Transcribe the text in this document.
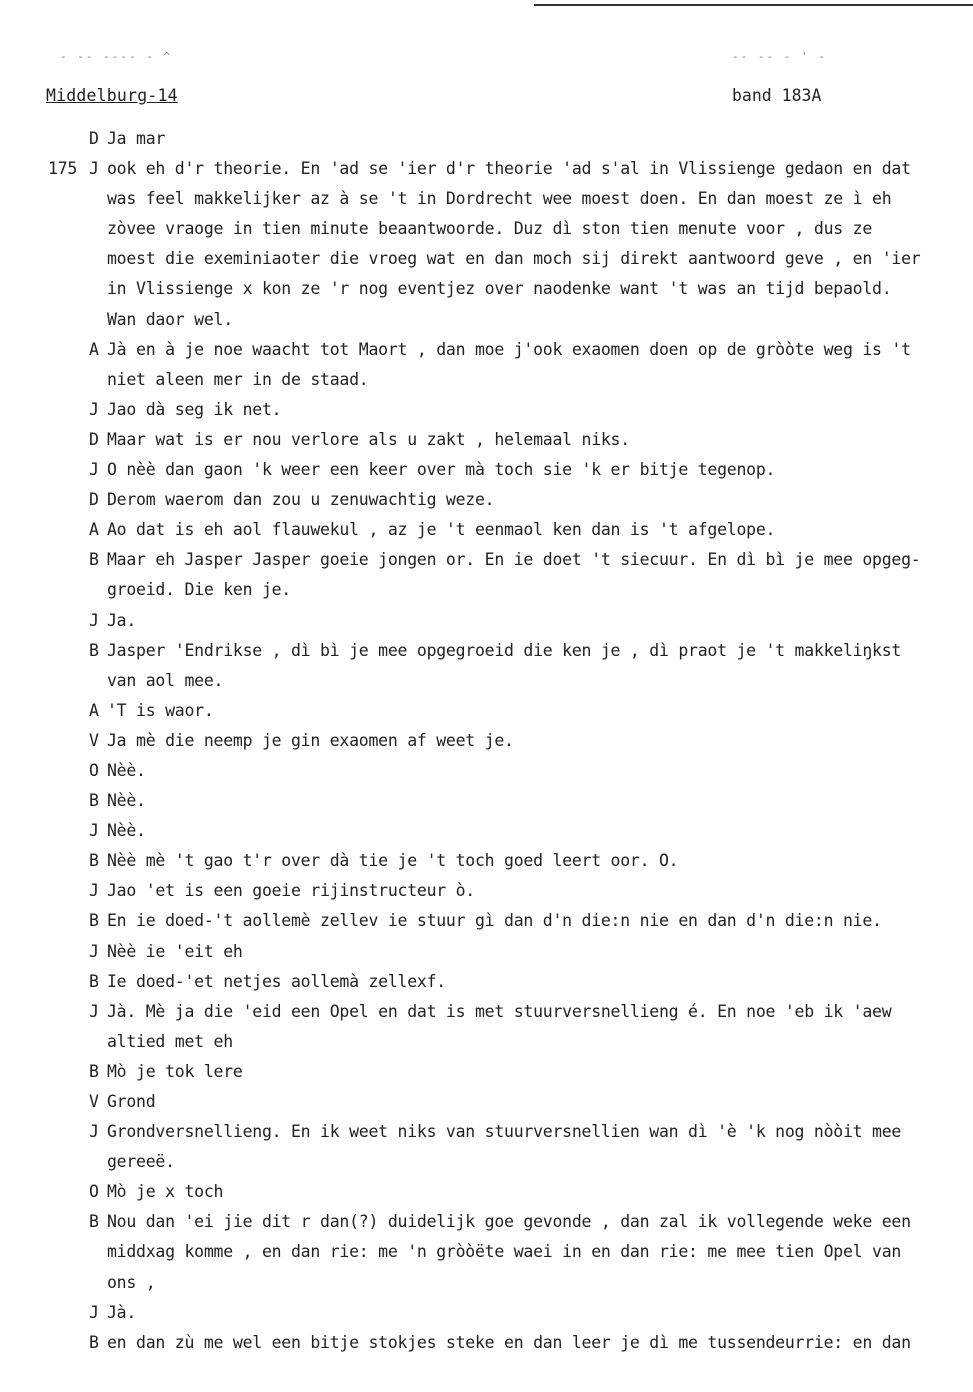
- -- ---- - ^	-- -- - ' -
Middelburg-14	band 183A
D Ja mar
175 J ook eh d'r theorie. En 'ad se 'ier d'r theorie 'ad s'al in Vlissienge gedaon en dat
was feel makkelijker az à se 't in Dordrecht wee moest doen. En dan moest ze ì eh
zòvee vraoge in tien minute beaantwoorde. Duz dì ston tien menute voor , dus ze
moest die exeminiaoter die vroeg wat en dan moch sij direkt aantwoord geve , en 'ier
in Vlissienge x kon ze 'r nog eventjez over naodenke want 't was an tijd bepaold.
Wan daor wel.
A Jà en à je noe waacht tot Maort , dan moe j'ook exaomen doen op de gròòte weg is 't
niet aleen mer in de staad.
J Jao dà seg ik net.
D Maar wat is er nou verlore als u zakt , helemaal niks.
J O nèè dan gaon 'k weer een keer over mà toch sie 'k er bitje tegenop.
D Derom waerom dan zou u zenuwachtig weze.
A Ao dat is eh aol flauwekul , az je 't eenmaol ken dan is 't afgelope.
B Maar eh Jasper Jasper goeie jongen or. En ie doet 't siecuur. En dì bì je mee opgeg-
groeid. Die ken je.
J Ja.
B Jasper 'Endrikse , dì bì je mee opgegroeid die ken je , dì praot je 't makkeliŋkst
van aol mee.
A 'T is waor.
V Ja mè die neemp je gin exaomen af weet je.
O Nèè.
B Nèè.
J Nèè.
B Nèè mè 't gao t'r over dà tie je 't toch goed leert oor. O.
J Jao 'et is een goeie rijinstructeur ò.
B En ie doed-'t aollemè zellev ie stuur gì dan d'n die:n nie en dan d'n die:n nie.
J Nèè ie 'eit eh
B Ie doed-'et netjes aollemà zellexf.
J Jà. Mè ja die 'eid een Opel en dat is met stuurversnellieng é. En noe 'eb ik 'aew
altied met eh
B Mò je tok lere
V Grond
J Grondversnellieng. En ik weet niks van stuurversnellien wan dì 'è 'k nog nòòit mee
gereeë.
O Mò je x toch
B Nou dan 'ei jie dit r dan(?) duidelijk goe gevonde , dan zal ik vollegende weke een
middxag komme , en dan rie: me 'n gròòëte waei in en dan rie: me mee tien Opel van
ons ,
J Jà.
B en dan zù me wel een bitje stokjes steke en dan leer je dì me tussendeurrie: en dan
